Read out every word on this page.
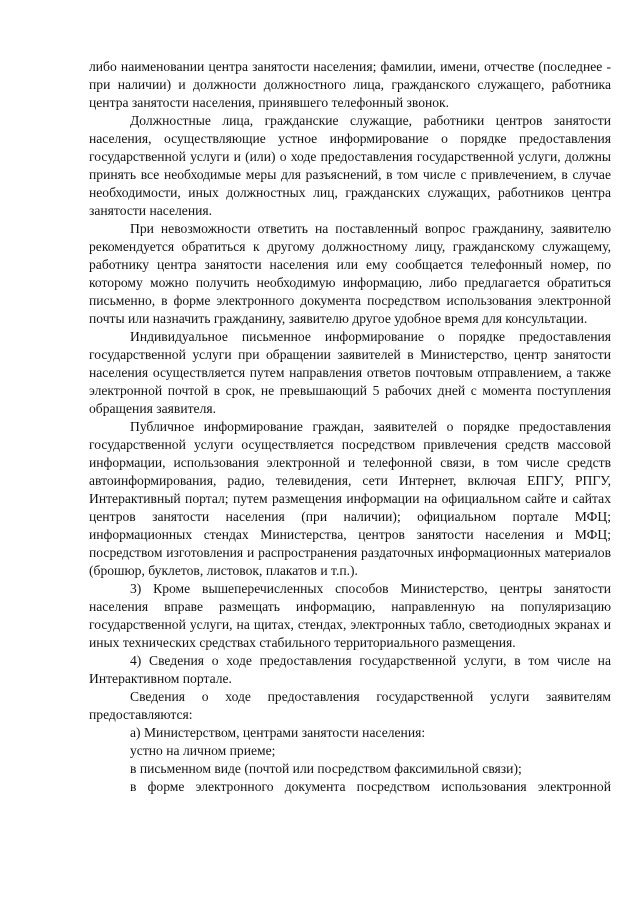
либо наименовании центра занятости населения; фамилии, имени, отчестве (последнее - при наличии) и должности должностного лица, гражданского служащего, работника центра занятости населения, принявшего телефонный звонок.

Должностные лица, гражданские служащие, работники центров занятости населения, осуществляющие устное информирование о порядке предоставления государственной услуги и (или) о ходе предоставления государственной услуги, должны принять все необходимые меры для разъяснений, в том числе с привлечением, в случае необходимости, иных должностных лиц, гражданских служащих, работников центра занятости населения.

При невозможности ответить на поставленный вопрос гражданину, заявителю рекомендуется обратиться к другому должностному лицу, гражданскому служащему, работнику центра занятости населения или ему сообщается телефонный номер, по которому можно получить необходимую информацию, либо предлагается обратиться письменно, в форме электронного документа посредством использования электронной почты или назначить гражданину, заявителю другое удобное время для консультации.

Индивидуальное письменное информирование о порядке предоставления государственной услуги при обращении заявителей в Министерство, центр занятости населения осуществляется путем направления ответов почтовым отправлением, а также электронной почтой в срок, не превышающий 5 рабочих дней с момента поступления обращения заявителя.

Публичное информирование граждан, заявителей о порядке предоставления государственной услуги осуществляется посредством привлечения средств массовой информации, использования электронной и телефонной связи, в том числе средств автоинформирования, радио, телевидения, сети Интернет, включая ЕПГУ, РПГУ, Интерактивный портал; путем размещения информации на официальном сайте и сайтах центров занятости населения (при наличии); официальном портале МФЦ; информационных стендах Министерства, центров занятости населения и МФЦ; посредством изготовления и распространения раздаточных информационных материалов (брошюр, буклетов, листовок, плакатов и т.п.).

3) Кроме вышеперечисленных способов Министерство, центры занятости населения вправе размещать информацию, направленную на популяризацию государственной услуги, на щитах, стендах, электронных табло, светодиодных экранах и иных технических средствах стабильного территориального размещения.

4) Сведения о ходе предоставления государственной услуги, в том числе на Интерактивном портале.

Сведения о ходе предоставления государственной услуги заявителям предоставляются:

а) Министерством, центрами занятости населения:

устно на личном приеме;

в письменном виде (почтой или посредством факсимильной связи);

в форме электронного документа посредством использования электронной
